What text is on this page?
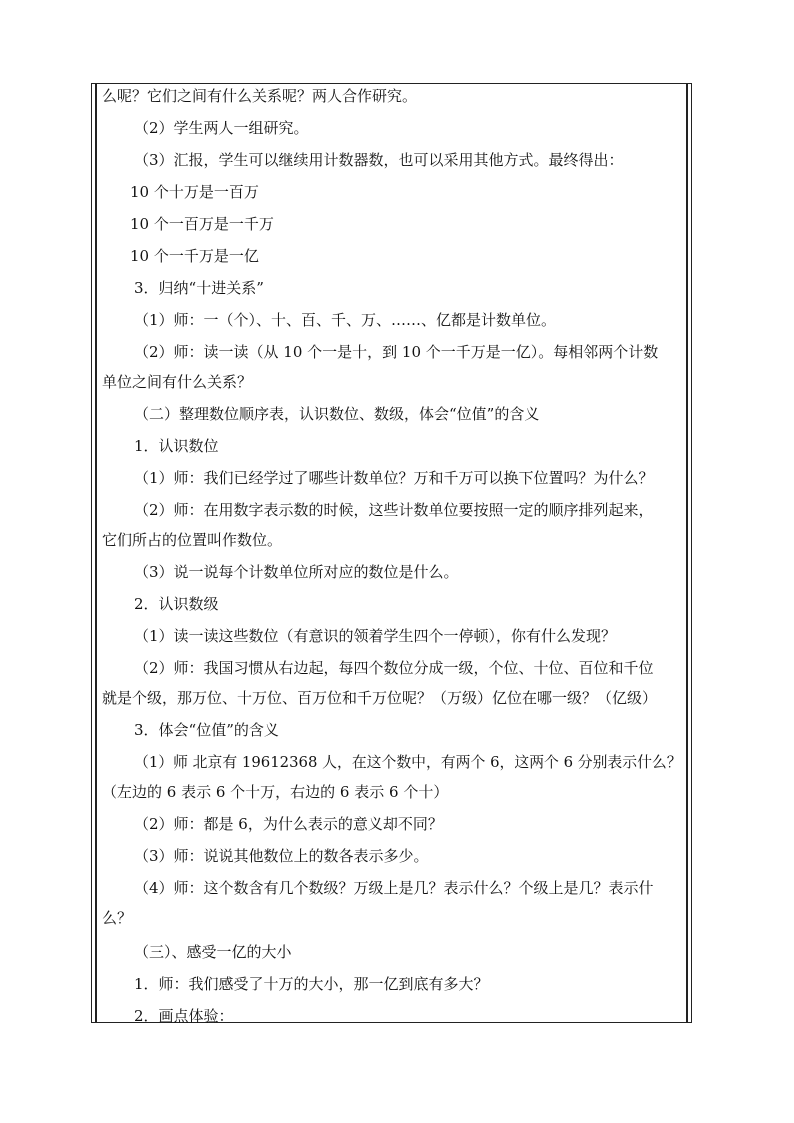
么呢？它们之间有什么关系呢？两人合作研究。
（2）学生两人一组研究。
（3）汇报，学生可以继续用计数器数，也可以采用其他方式。最终得出：
10 个十万是一百万
10 个一百万是一千万
10 个一千万是一亿
3．归纳“十进关系”
（1）师：一（个）、十、百、千、万、……、亿都是计数单位。
（2）师：读一读（从 10 个一是十，到 10 个一千万是一亿）。每相邻两个计数
单位之间有什么关系？
（二）整理数位顺序表，认识数位、数级，体会“位值”的含义
1．认识数位
（1）师：我们已经学过了哪些计数单位？万和千万可以换下位置吗？为什么？
（2）师：在用数字表示数的时候，这些计数单位要按照一定的顺序排列起来，
它们所占的位置叫作数位。
（3）说一说每个计数单位所对应的数位是什么。
2．认识数级
（1）读一读这些数位（有意识的领着学生四个一停顿），你有什么发现？
（2）师：我国习惯从右边起，每四个数位分成一级，个位、十位、百位和千位
就是个级，那万位、十万位、百万位和千万位呢？（万级）亿位在哪一级？（亿级）
3．体会“位值”的含义
（1）师 北京有 19612368 人，在这个数中，有两个 6，这两个 6 分别表示什么？
（左边的 6 表示 6 个十万，右边的 6 表示 6 个十）
（2）师：都是 6，为什么表示的意义却不同？
（3）师：说说其他数位上的数各表示多少。
（4）师：这个数含有几个数级？万级上是几？表示什么？个级上是几？表示什
么？
（三）、感受一亿的大小
1．师：我们感受了十万的大小，那一亿到底有多大？
2．画点体验：
